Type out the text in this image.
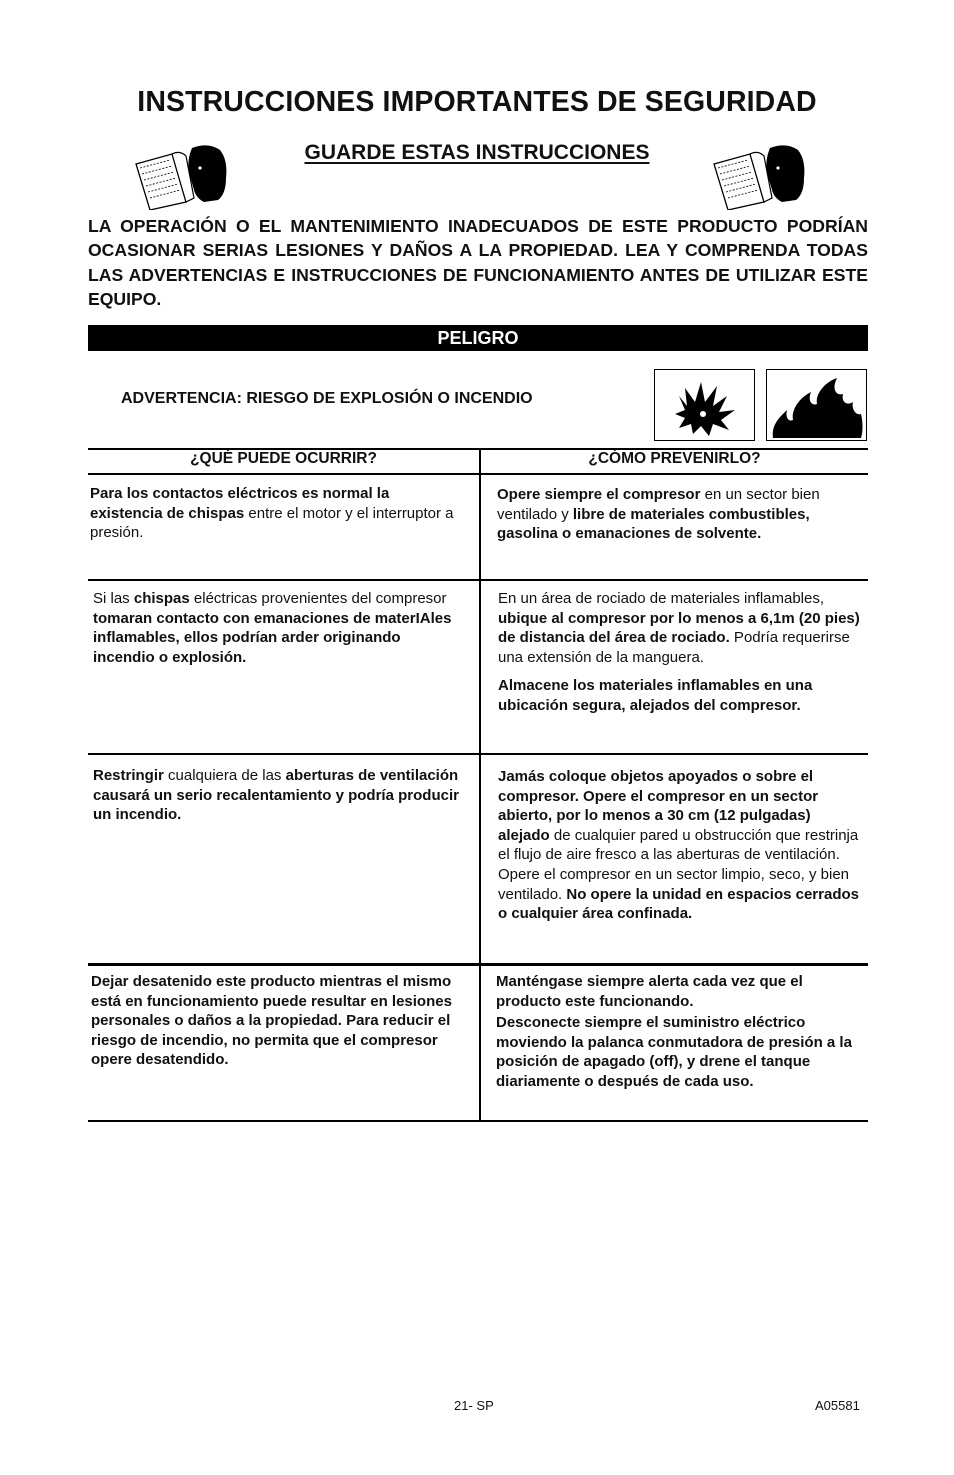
INSTRUCCIONES IMPORTANTES DE SEGURIDAD
GUARDE ESTAS INSTRUCCIONES
LA OPERACIÓN O EL MANTENIMIENTO INADECUADOS DE ESTE PRODUCTO PODRÍAN OCASIONAR SERIAS LESIONES Y DAÑOS A LA PROPIEDAD. LEA Y COMPRENDA TODAS LAS ADVERTENCIAS E INSTRUCCIONES DE FUNCIONAMIENTO ANTES DE UTILIZAR ESTE EQUIPO.
PELIGRO
ADVERTENCIA: RIESGO DE EXPLOSIÓN O INCENDIO
¿QUÉ PUEDE OCURRIR?	¿CÓMO PREVENIRLO?

Para los contactos eléctricos es normal la existencia de chispas entre el motor y el interruptor a presión.

Opere siempre el compresor en un sector bien ventilado y libre de materiales combustibles, gasolina o emanaciones de solvente.

Si las chispas eléctricas provenientes del compresor tomaran contacto con emanaciones de materIAles inflamables, ellos podrían arder originando incendio o explosión.

En un área de rociado de materiales inflamables, ubique al compresor por lo menos a 6,1m (20 pies) de distancia del área de rociado. Podría requerirse una extensión de la manguera.

Almacene los materiales inflamables en una ubicación segura, alejados del compresor.

Restringir cualquiera de las aberturas de ventilación causará un serio recalentamiento y podría producir un incendio.

Jamás coloque objetos apoyados o sobre el compresor. Opere el compresor en un sector abierto, por lo menos a 30 cm (12 pulgadas) alejado de cualquier pared u obstrucción que restrinja el flujo de aire fresco a las aberturas de ventilación.

Opere el compresor en un sector limpio, seco, y bien ventilado. No opere la unidad en espacios cerrados o cualquier área confinada.

Dejar desatenido este producto mientras el mismo está en funcionamiento puede resultar en lesiones personales o daños a la propiedad. Para reducir el riesgo de incendio, no permita que el compresor opere desatendido.

Manténgase siempre alerta cada vez que el producto este funcionando.

Desconecte siempre el suministro eléctrico moviendo la palanca conmutadora de presión a la posición de apagado (off), y drene el tanque diariamente o después de cada uso.

21- SP	A05581
